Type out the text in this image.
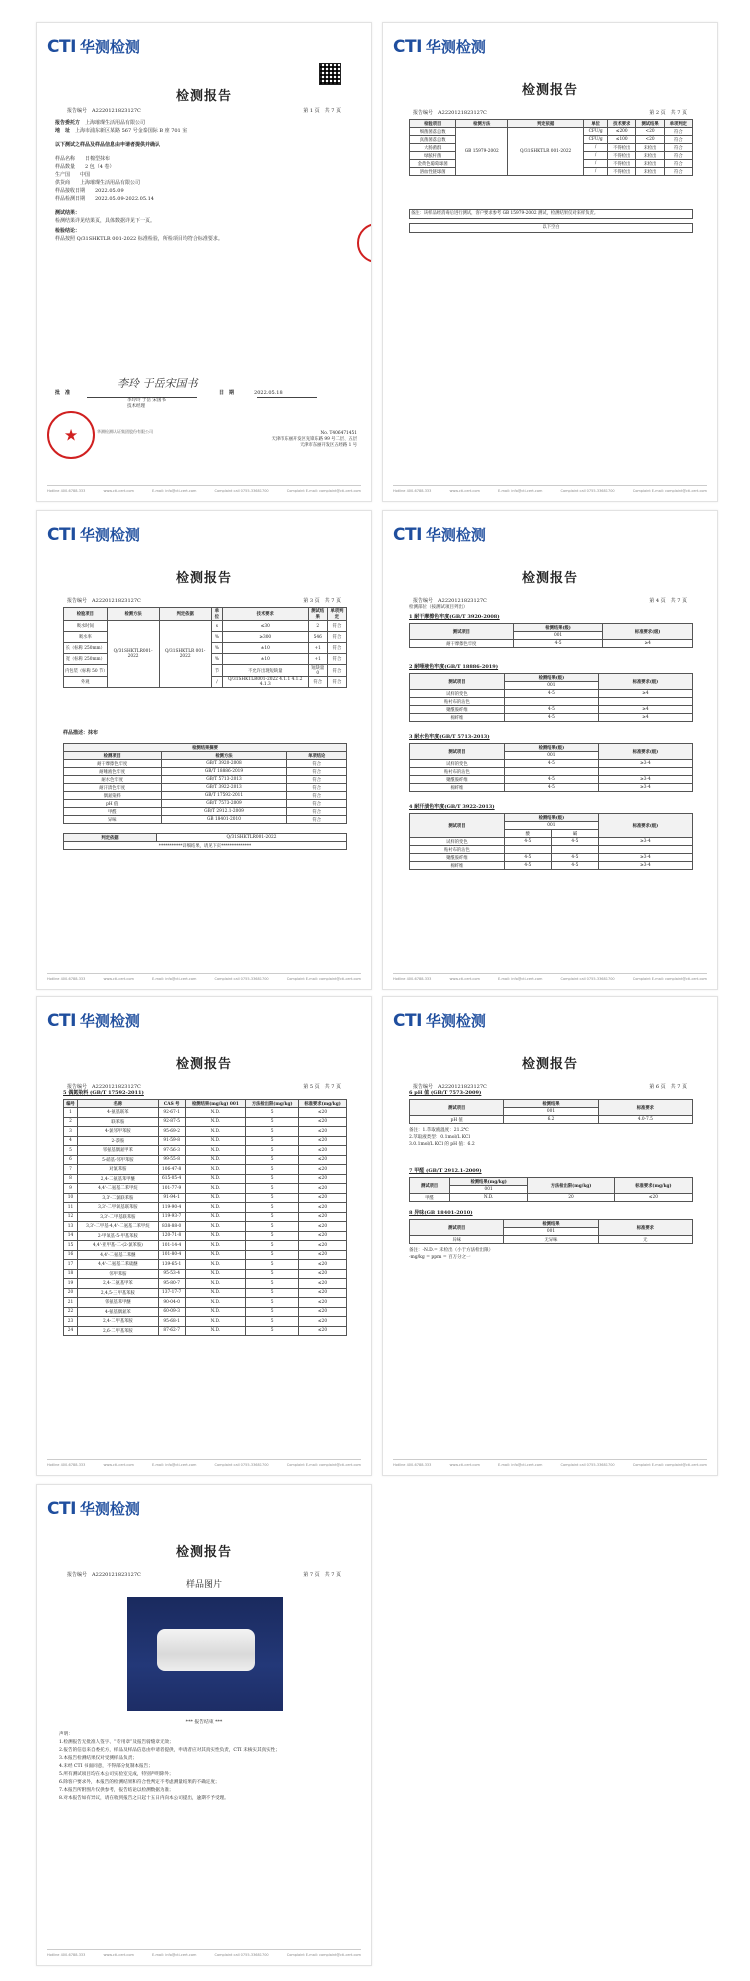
CTI 华测检测
检测报告
报告编号　 A2220121823127C	第 1 页　 共 7 页
报告委托方　 上海璀璨生活用品有限公司
地　址　 上海市浦东新区某路 567 号金泰国际 B 座 701 室
以下测试之样品及样品信息由申请者提供并确认
样品名称　　日棉型抹布
样品数量　　2 包（4 卷）
生产国　　中国
供货商　　上海璀璨生活用品有限公司
样品接收日期　　2022.05.09
样品检测日期　　2022.05.09-2022.05.14
测试结果：
检测结果详见结果页，具体数据详见下一页。
检验结论：
样品按照 Q/31SHKTLR 001-2022 标准检验，所检项目均符合标准要求。
李玲 于岳宋国书
批　准	日　期　　　　	2022.05.18
李玲玲 于岳 宋国书
技术经理
★	华测检测认证集团股份有限公司	No. T406471451
天津市东丽开发区先锋东路 99 号二层、五层
天津市东丽开发区五经路 1 号
Hotline 400-6788-333	www.cti-cert.com	E-mail: info@cti-cert.com	Complaint call 0755-33681700	Complaint E-mail: complaint@cti-cert.com
CTI 华测检测
检测报告
报告编号　 A2220121823127C	第 2 页　 共 7 页
检验项目	检测方法	判定依据	单位	技术要求	测试结果	单项判定
细菌菌落总数	GB 15979-2002	Q/31SHKTLR 001-2022	CFU/g	≤200	<20	符合
真菌菌落总数			CFU/g	≤100	<20	符合
大肠菌群			/	不得检出	未检出	符合
绿脓杆菌			/	不得检出	未检出	符合
金黄色葡萄球菌			/	不得检出	未检出	符合
溶血性链球菌			/	不得检出	未检出	符合
备注：该样品经消毒后进行测试，客户要求参考 GB 15979-2002 测试，检测结果仅对来样负责。
以下空白
Hotline 400-6788-333	www.cti-cert.com	E-mail: info@cti-cert.com	Complaint call 0755-33681700	Complaint E-mail: complaint@cti-cert.com
CTI 华测检测
检测报告
报告编号　 A2220121823127C	第 3 页　 共 7 页
检验项目	检测方法	判定依据	单位	技术要求	测试结果	单项判定
吸水时间	Q/31SHKTLR001-2022	Q/31SHKTLR 001-2022	s	≤30	2	符合
吸水率			%	≥300	546	符合
长（标称 250mm）			%	±10	+1	符合
宽（标称 250mm）			%	±10	+1	符合
内包装（标称 50 节）			节	不允许出现短缺量	短缺量 0	符合
外观			/	Q/31SHKTLR001-2022 4.1.1 4.1.2 4.1.3	符合	符合
样品描述：抹布
检测结果摘要		
检测项目	检测方法	单项结论
耐干摩擦色牢度	GB/T 3920-2008	符合
耐唾液色牢度	GB/T 18886-2019	符合
耐水色牢度	GB/T 5713-2013	符合
耐汗渍色牢度	GB/T 3922-2013	符合
偶氮染料	GB/T 17592-2011	符合
pH 值	GB/T 7573-2009	符合
甲醛	GB/T 2912.1-2009	符合
异味	GB 18401-2010	符合
判定依据	Q/31SHKTLR001-2022
***********详细结果，请见下页**************
Hotline 400-6788-333	www.cti-cert.com	E-mail: info@cti-cert.com	Complaint call 0755-33681700	Complaint E-mail: complaint@cti-cert.com
CTI 华测检测
检测报告
报告编号　 A2220121823127C	第 4 页　 共 7 页
检测部位（按测试项目列出）
1 耐干摩擦色牢度(GB/T 3920-2008)
测试项目	检测结果(级)	标准要求(级)
	001	
耐干摩擦色牢度	4-5	≥4
2 耐唾液色牢度(GB/T 18886-2019)
测试项目	检测结果(级)	标准要求(级)
	001	
试样的变色	4-5	≥4
贴衬布的沾色		
聚酰胺纤维	4-5	≥4
棉纤维	4-5	≥4
3 耐水色牢度(GB/T 5713-2013)
测试项目	检测结果(级)	标准要求(级)
	001	
试样的变色	4-5	≥3-4
贴衬布的沾色		
聚酰胺纤维	4-5	≥3-4
棉纤维	4-5	≥3-4
4 耐汗渍色牢度(GB/T 3922-2013)
测试项目	检测结果(级)		标准要求(级)
	001		
	酸	碱	
试样的变色	4-5	4-5	≥3-4
贴衬布的沾色			
聚酰胺纤维	4-5	4-5	≥3-4
棉纤维	4-5	4-5	≥3-4
Hotline 400-6788-333	www.cti-cert.com	E-mail: info@cti-cert.com	Complaint call 0755-33681700	Complaint E-mail: complaint@cti-cert.com
CTI 华测检测
检测报告
报告编号　 A2220121823127C	第 5 页　 共 7 页
5 偶氮染料 (GB/T 17592-2011)
编号	名称	CAS 号	检测结果(mg/kg) 001	方法检出限(mg/kg)	标准要求(mg/kg)
1	4-氨基联苯	92-67-1	N.D.	5	≤20
2	联苯胺	92-87-5	N.D.	5	≤20
3	4-氯邻甲苯胺	95-69-2	N.D.	5	≤20
4	2-萘胺	91-59-8	N.D.	5	≤20
5	邻氨基偶氮甲苯	97-56-3	N.D.	5	≤20
6	5-硝基-邻甲苯胺	99-55-8	N.D.	5	≤20
7	对氯苯胺	106-47-8	N.D.	5	≤20
8	2,4-二氨基苯甲醚	615-05-4	N.D.	5	≤20
9	4,4'-二氨基二苯甲烷	101-77-9	N.D.	5	≤20
10	3,3'-二氯联苯胺	91-94-1	N.D.	5	≤20
11	3,3'-二甲氧基联苯胺	119-90-4	N.D.	5	≤20
12	3,3'-二甲基联苯胺	119-93-7	N.D.	5	≤20
13	3,3'-二甲基-4,4'-二氨基二苯甲烷	838-88-0	N.D.	5	≤20
14	2-甲氧基-5-甲基苯胺	120-71-8	N.D.	5	≤20
15	4,4'-亚甲基-二-(2-氯苯胺)	101-14-4	N.D.	5	≤20
16	4,4'-二氨基二苯醚	101-80-4	N.D.	5	≤20
17	4,4'-二氨基二苯硫醚	139-65-1	N.D.	5	≤20
18	邻甲苯胺	95-53-4	N.D.	5	≤20
19	2,4-二氨基甲苯	95-80-7	N.D.	5	≤20
20	2,4,5-三甲基苯胺	137-17-7	N.D.	5	≤20
21	邻氨基苯甲醚	90-04-0	N.D.	5	≤20
22	4-氨基偶氮苯	60-09-3	N.D.	5	≤20
23	2,4-二甲基苯胺	95-68-1	N.D.	5	≤20
24	2,6-二甲基苯胺	87-62-7	N.D.	5	≤20
Hotline 400-6788-333	www.cti-cert.com	E-mail: info@cti-cert.com	Complaint call 0755-33681700	Complaint E-mail: complaint@cti-cert.com
CTI 华测检测
检测报告
报告编号　 A2220121823127C	第 6 页　 共 7 页
6 pH 值 (GB/T 7573-2009)
测试项目	检测结果	标准要求
	001	
pH 值	6.2	4.0-7.5
备注：1.萃取液温度：21.2℃
2.萃取液类型：0.1mol/L KCl
3.0.1mol/L KCl 的 pH 值：6.2
7 甲醛 (GB/T 2912.1-2009)
测试项目	检测结果(mg/kg)	方法检出限(mg/kg)	标准要求(mg/kg)
	001		
甲醛	N.D.	20	≤20
8 异味(GB 18401-2010)
测试项目	检测结果	标准要求
	001	
异味	无异味	无
备注：-N.D.= 未检出（小于方法检出限）
-mg/kg = ppm = 百万分之一
Hotline 400-6788-333	www.cti-cert.com	E-mail: info@cti-cert.com	Complaint call 0755-33681700	Complaint E-mail: complaint@cti-cert.com
CTI 华测检测
检测报告
报告编号　 A2220121823127C	第 7 页　 共 7 页
样品图片
*** 报告结束 ***
声明：
1.检测报告无批准人签字、“专用章”及报告骑缝章无效；
2.报告的信息来自委托方，样品及样品信息由申请者提供，申请者应对其真实性负责，CTI 未核实其真实性；
3.本报告检测结果仅对受测样品负责；
4.未经 CTI 书面同意，不得部分复制本报告；
5.所有测试项目均在本公司实验室完成，特别声明除外；
6.除客户要求外，本报告的检测结果和符合性判定不考虑测量结果的不确定度；
7.本报告所附图片仅供参考，报告结论以检测数据为准；
8.对本报告如有异议，请在收到报告之日起十五日内向本公司提出，逾期不予受理。
Hotline 400-6788-333	www.cti-cert.com	E-mail: info@cti-cert.com	Complaint call 0755-33681700	Complaint E-mail: complaint@cti-cert.com
